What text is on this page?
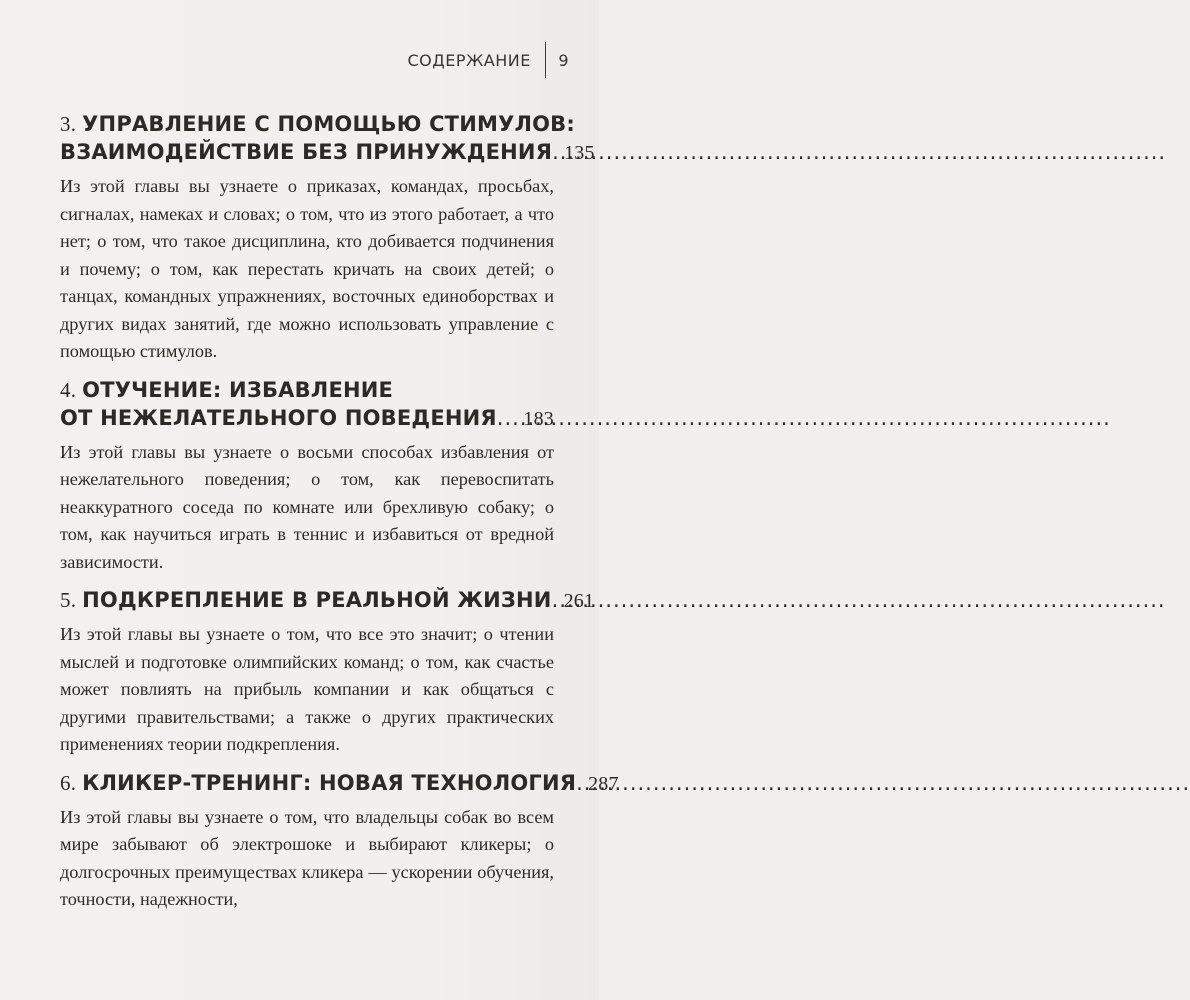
СОДЕРЖАНИЕ	9
3. УПРАВЛЕНИЕ С ПОМОЩЬЮ СТИМУЛОВ:
ВЗАИМОДЕЙСТВИЕ БЕЗ ПРИНУЖДЕНИЯ ..... 135

Из этой главы вы узнаете о приказах, командах, просьбах, сигналах, намеках и словах; о том, что из этого работает, а что нет; о том, что такое дисциплина, кто добивается подчинения и почему; о том, как перестать кричать на своих детей; о танцах, командных упражнениях, восточных единоборствах и других видах занятий, где можно использовать управление с помощью стимулов.

4. ОТУЧЕНИЕ: ИЗБАВЛЕНИЕ
ОТ НЕЖЕЛАТЕЛЬНОГО ПОВЕДЕНИЯ ..... 183

Из этой главы вы узнаете о восьми способах избавления от нежелательного поведения; о том, как перевоспитать неаккуратного соседа по комнате или брехливую собаку; о том, как научиться играть в теннис и избавиться от вредной зависимости.

5. ПОДКРЕПЛЕНИЕ В РЕАЛЬНОЙ ЖИЗНИ ..... 261

Из этой главы вы узнаете о том, что все это значит; о чтении мыслей и подготовке олимпийских команд; о том, как счастье может повлиять на прибыль компании и как общаться с другими правительствами; а также о других практических применениях теории подкрепления.

6. КЛИКЕР-ТРЕНИНГ: НОВАЯ ТЕХНОЛОГИЯ ..... 287

Из этой главы вы узнаете о том, что владельцы собак во всем мире забывают об электрошоке и выбирают кликеры; о долгосрочных преимуществах кликера — ускорении обучения, точности, надежности,
